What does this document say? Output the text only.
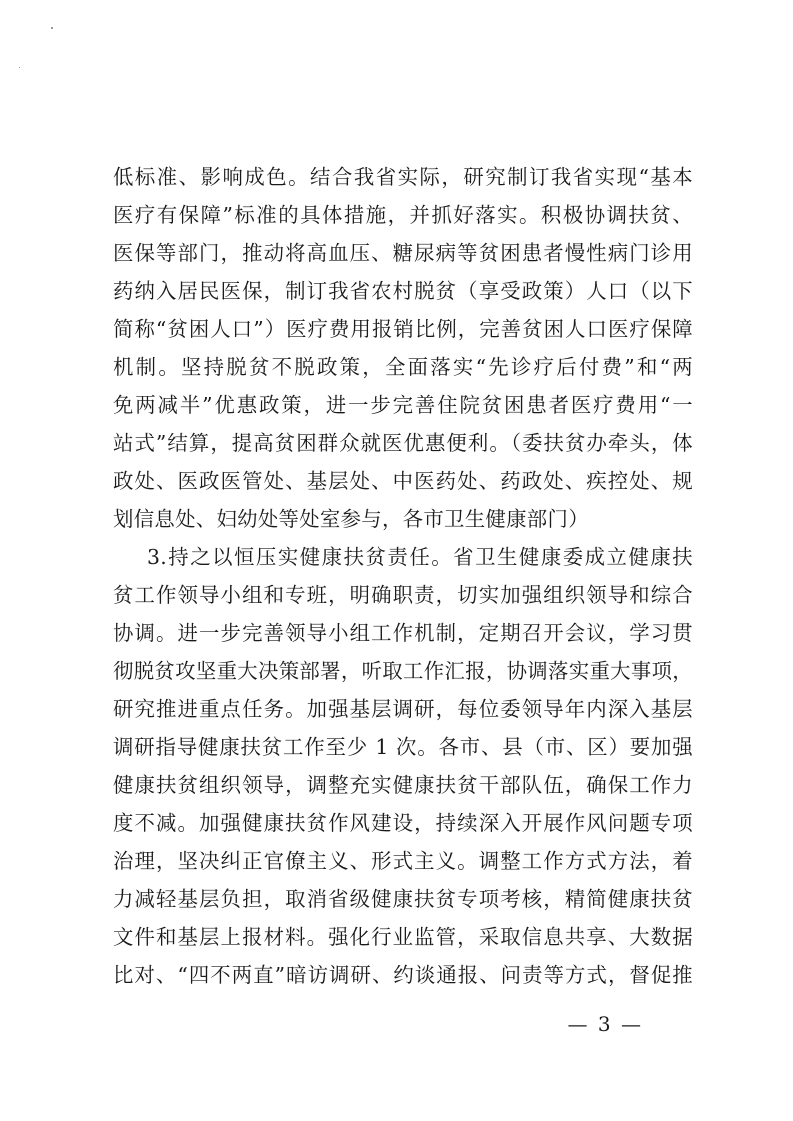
低标准、影响成色。结合我省实际，研究制订我省实现“基本
医疗有保障”标准的具体措施，并抓好落实。积极协调扶贫、
医保等部门，推动将高血压、糖尿病等贫困患者慢性病门诊用
药纳入居民医保，制订我省农村脱贫（享受政策）人口（以下
简称“贫困人口”）医疗费用报销比例，完善贫困人口医疗保障
机制。坚持脱贫不脱政策，全面落实“先诊疗后付费”和“两
免两减半”优惠政策，进一步完善住院贫困患者医疗费用“一
站式”结算，提高贫困群众就医优惠便利。（委扶贫办牵头，体
政处、医政医管处、基层处、中医药处、药政处、疾控处、规
划信息处、妇幼处等处室参与，各市卫生健康部门）
3.持之以恒压实健康扶贫责任。省卫生健康委成立健康扶
贫工作领导小组和专班，明确职责，切实加强组织领导和综合
协调。进一步完善领导小组工作机制，定期召开会议，学习贯
彻脱贫攻坚重大决策部署，听取工作汇报，协调落实重大事项，
研究推进重点任务。加强基层调研，每位委领导年内深入基层
调研指导健康扶贫工作至少 1 次。各市、县（市、区）要加强
健康扶贫组织领导，调整充实健康扶贫干部队伍，确保工作力
度不减。加强健康扶贫作风建设，持续深入开展作风问题专项
治理，坚决纠正官僚主义、形式主义。调整工作方式方法，着
力减轻基层负担，取消省级健康扶贫专项考核，精简健康扶贫
文件和基层上报材料。强化行业监管，采取信息共享、大数据
比对、“四不两直”暗访调研、约谈通报、问责等方式，督促推
— 3 —
